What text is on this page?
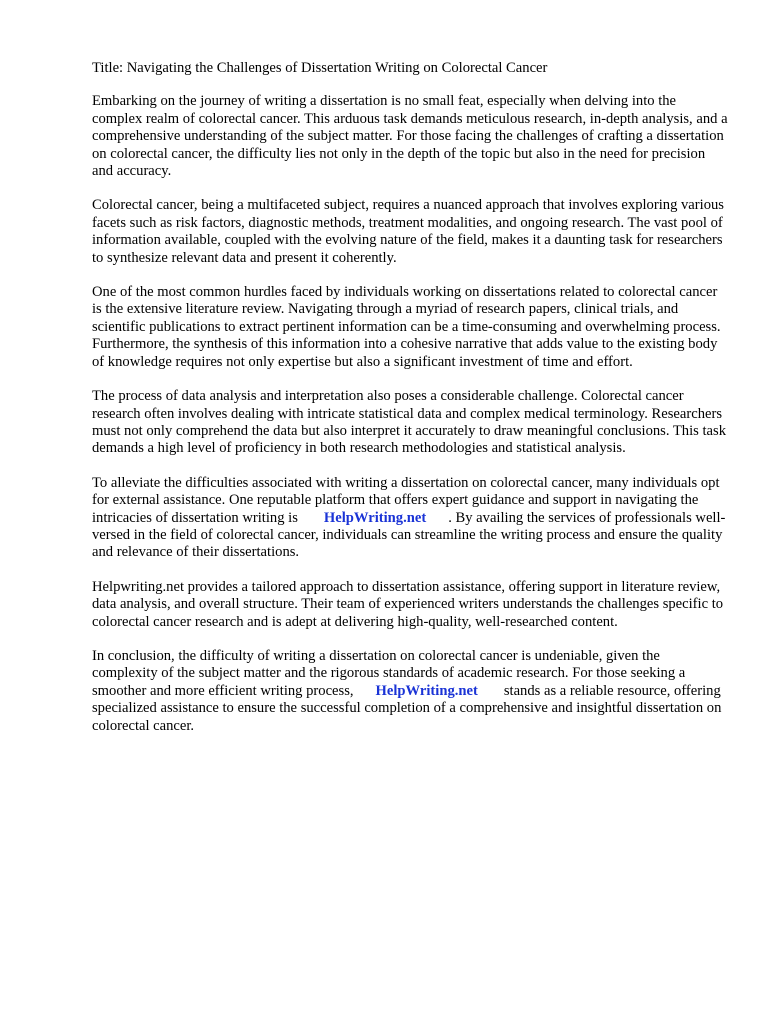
Title: Navigating the Challenges of Dissertation Writing on Colorectal Cancer

Embarking on the journey of writing a dissertation is no small feat, especially when delving into the complex realm of colorectal cancer. This arduous task demands meticulous research, in-depth analysis, and a comprehensive understanding of the subject matter. For those facing the challenges of crafting a dissertation on colorectal cancer, the difficulty lies not only in the depth of the topic but also in the need for precision and accuracy.

Colorectal cancer, being a multifaceted subject, requires a nuanced approach that involves exploring various facets such as risk factors, diagnostic methods, treatment modalities, and ongoing research. The vast pool of information available, coupled with the evolving nature of the field, makes it a daunting task for researchers to synthesize relevant data and present it coherently.

One of the most common hurdles faced by individuals working on dissertations related to colorectal cancer is the extensive literature review. Navigating through a myriad of research papers, clinical trials, and scientific publications to extract pertinent information can be a time-consuming and overwhelming process. Furthermore, the synthesis of this information into a cohesive narrative that adds value to the existing body of knowledge requires not only expertise but also a significant investment of time and effort.

The process of data analysis and interpretation also poses a considerable challenge. Colorectal cancer research often involves dealing with intricate statistical data and complex medical terminology. Researchers must not only comprehend the data but also interpret it accurately to draw meaningful conclusions. This task demands a high level of proficiency in both research methodologies and statistical analysis.

To alleviate the difficulties associated with writing a dissertation on colorectal cancer, many individuals opt for external assistance. One reputable platform that offers expert guidance and support in navigating the intricacies of dissertation writing is HelpWriting.net . By availing the services of professionals well-versed in the field of colorectal cancer, individuals can streamline the writing process and ensure the quality and relevance of their dissertations.

Helpwriting.net provides a tailored approach to dissertation assistance, offering support in literature review, data analysis, and overall structure. Their team of experienced writers understands the challenges specific to colorectal cancer research and is adept at delivering high-quality, well-researched content.

In conclusion, the difficulty of writing a dissertation on colorectal cancer is undeniable, given the complexity of the subject matter and the rigorous standards of academic research. For those seeking a smoother and more efficient writing process, HelpWriting.net stands as a reliable resource, offering specialized assistance to ensure the successful completion of a comprehensive and insightful dissertation on colorectal cancer.
